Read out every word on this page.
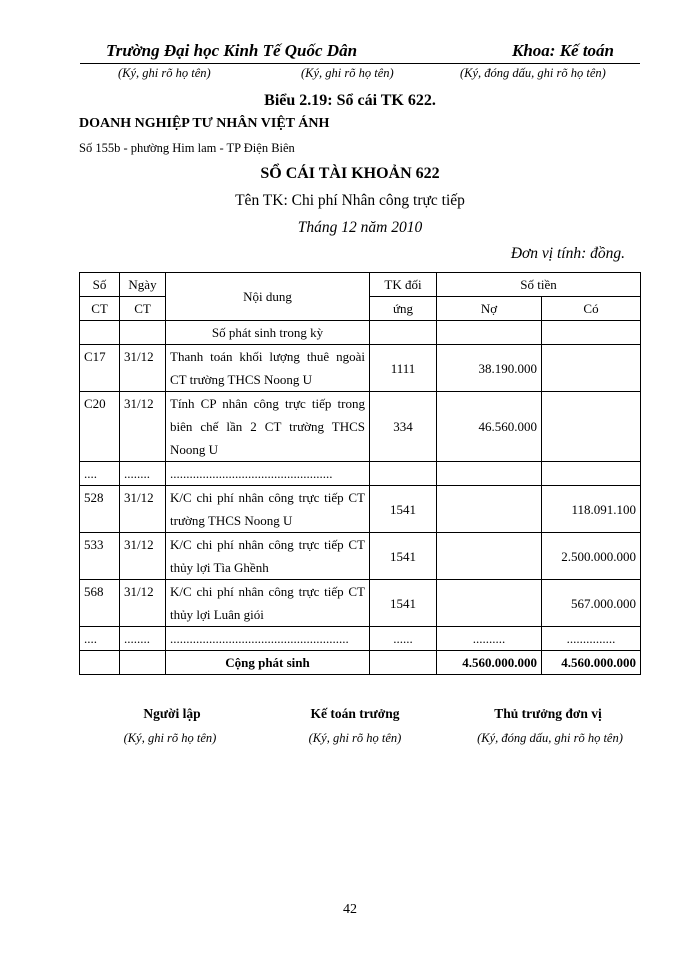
Trường Đại học Kinh Tế Quốc Dân	Khoa: Kế toán
(Ký, ghi rõ họ tên)	(Ký, ghi rõ họ tên)	(Ký, đóng dấu, ghi rõ họ tên)
Biểu 2.19: Sổ cái TK 622.
DOANH NGHIỆP TƯ NHÂN VIỆT ÁNH
Số 155b - phường Him lam - TP Điện Biên
SỔ CÁI TÀI KHOẢN 622
Tên TK: Chi phí Nhân công trực tiếp
Tháng 12 năm 2010
Đơn vị tính: đồng.
Số	Ngày	Nội dung	TK đối	Số tiền	
CT	CT		ứng	Nợ	Có
		Số phát sinh trong kỳ			
C17	31/12	Thanh toán khối lượng thuê ngoài CT trường THCS Noong U	1111	38.190.000	
C20	31/12	Tính CP nhân công trực tiếp trong biên chế lần 2 CT trường THCS Noong U	334	46.560.000	
....	........	..................................................			
528	31/12	K/C chi phí nhân công trực tiếp CT trường THCS Noong U	1541		118.091.100
533	31/12	K/C chi phí nhân công trực tiếp CT thủy lợi Tìa Ghềnh	1541		2.500.000.000
568	31/12	K/C chi phí nhân công trực tiếp CT thủy lợi Luân giói	1541		567.000.000
....	........	.......................................................	......	..........	...............
		Cộng phát sinh		4.560.000.000	4.560.000.000
Người lập	Kế toán trưởng	Thủ trưởng đơn vị
(Ký, ghi rõ họ tên)	(Ký, ghi rõ họ tên)	(Ký, đóng dấu, ghi rõ họ tên)
42
